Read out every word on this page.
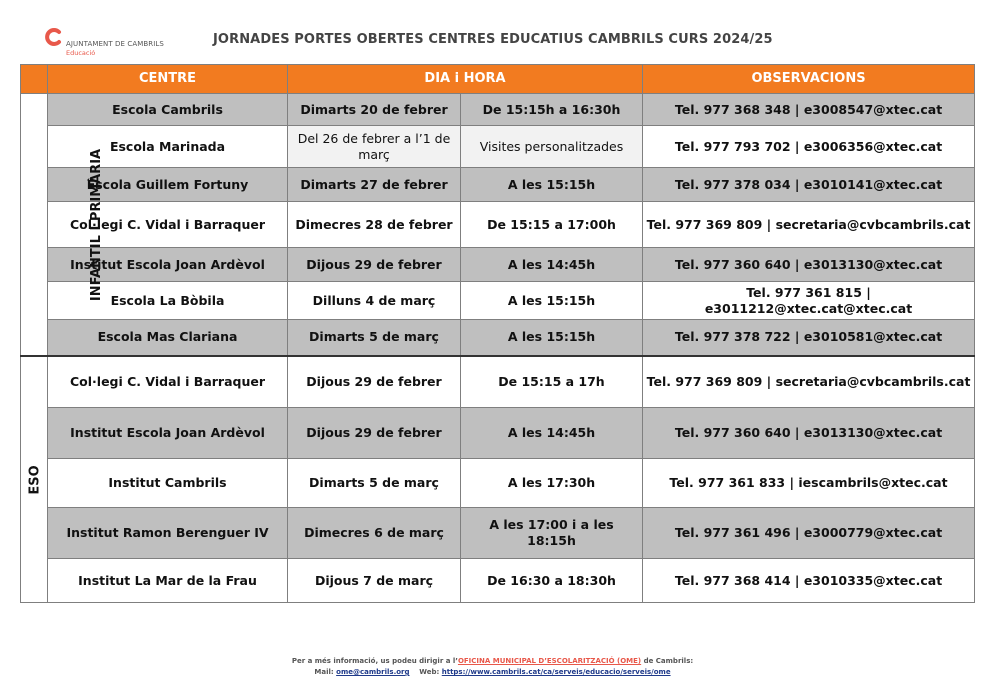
AJUNTAMENT DE CAMBRILS
Educació
JORNADES PORTES OBERTES CENTRES EDUCATIUS CAMBRILS CURS 2024/25
	CENTRE	DIA i HORA		OBSERVACIONS
INFANTIL I PRIMÀRIA	Escola Cambrils	Dimarts 20 de febrer	De 15:15h a 16:30h	Tel. 977 368 348 | e3008547@xtec.cat
	Escola Marinada	Del 26 de febrer a l’1 de març	Visites personalitzades	Tel. 977 793 702 | e3006356@xtec.cat
	Escola Guillem Fortuny	Dimarts 27 de febrer	A les 15:15h	Tel. 977 378 034 | e3010141@xtec.cat
	Col·legi C. Vidal i Barraquer	Dimecres 28 de febrer	De 15:15 a 17:00h	Tel. 977 369 809 | secretaria@cvbcambrils.cat
	Institut Escola Joan Ardèvol	Dijous 29 de febrer	A les 14:45h	Tel. 977 360 640 | e3013130@xtec.cat
	Escola La Bòbila	Dilluns 4 de març	A les 15:15h	Tel. 977 361 815 | e3011212@xtec.cat@xtec.cat
	Escola Mas Clariana	Dimarts 5 de març	A les 15:15h	Tel. 977 378 722 | e3010581@xtec.cat
ESO	Col·legi C. Vidal i Barraquer	Dijous 29 de febrer	De 15:15 a 17h	Tel. 977 369 809 | secretaria@cvbcambrils.cat
	Institut Escola Joan Ardèvol	Dijous 29 de febrer	A les 14:45h	Tel. 977 360 640 | e3013130@xtec.cat
	Institut Cambrils	Dimarts 5 de març	A les 17:30h	Tel. 977 361 833 | iescambrils@xtec.cat
	Institut Ramon Berenguer IV	Dimecres 6 de març	A les 17:00 i a les 18:15h	Tel. 977 361 496 | e3000779@xtec.cat
	Institut La Mar de la Frau	Dijous 7 de març	De 16:30 a 18:30h	Tel. 977 368 414 | e3010335@xtec.cat
Per a més informació, us podeu dirigir a l’OFICINA MUNICIPAL D’ESCOLARITZACIÓ (OME) de Cambrils:
Mail: ome@cambrils.org Web: https://www.cambrils.cat/ca/serveis/educacio/serveis/ome
